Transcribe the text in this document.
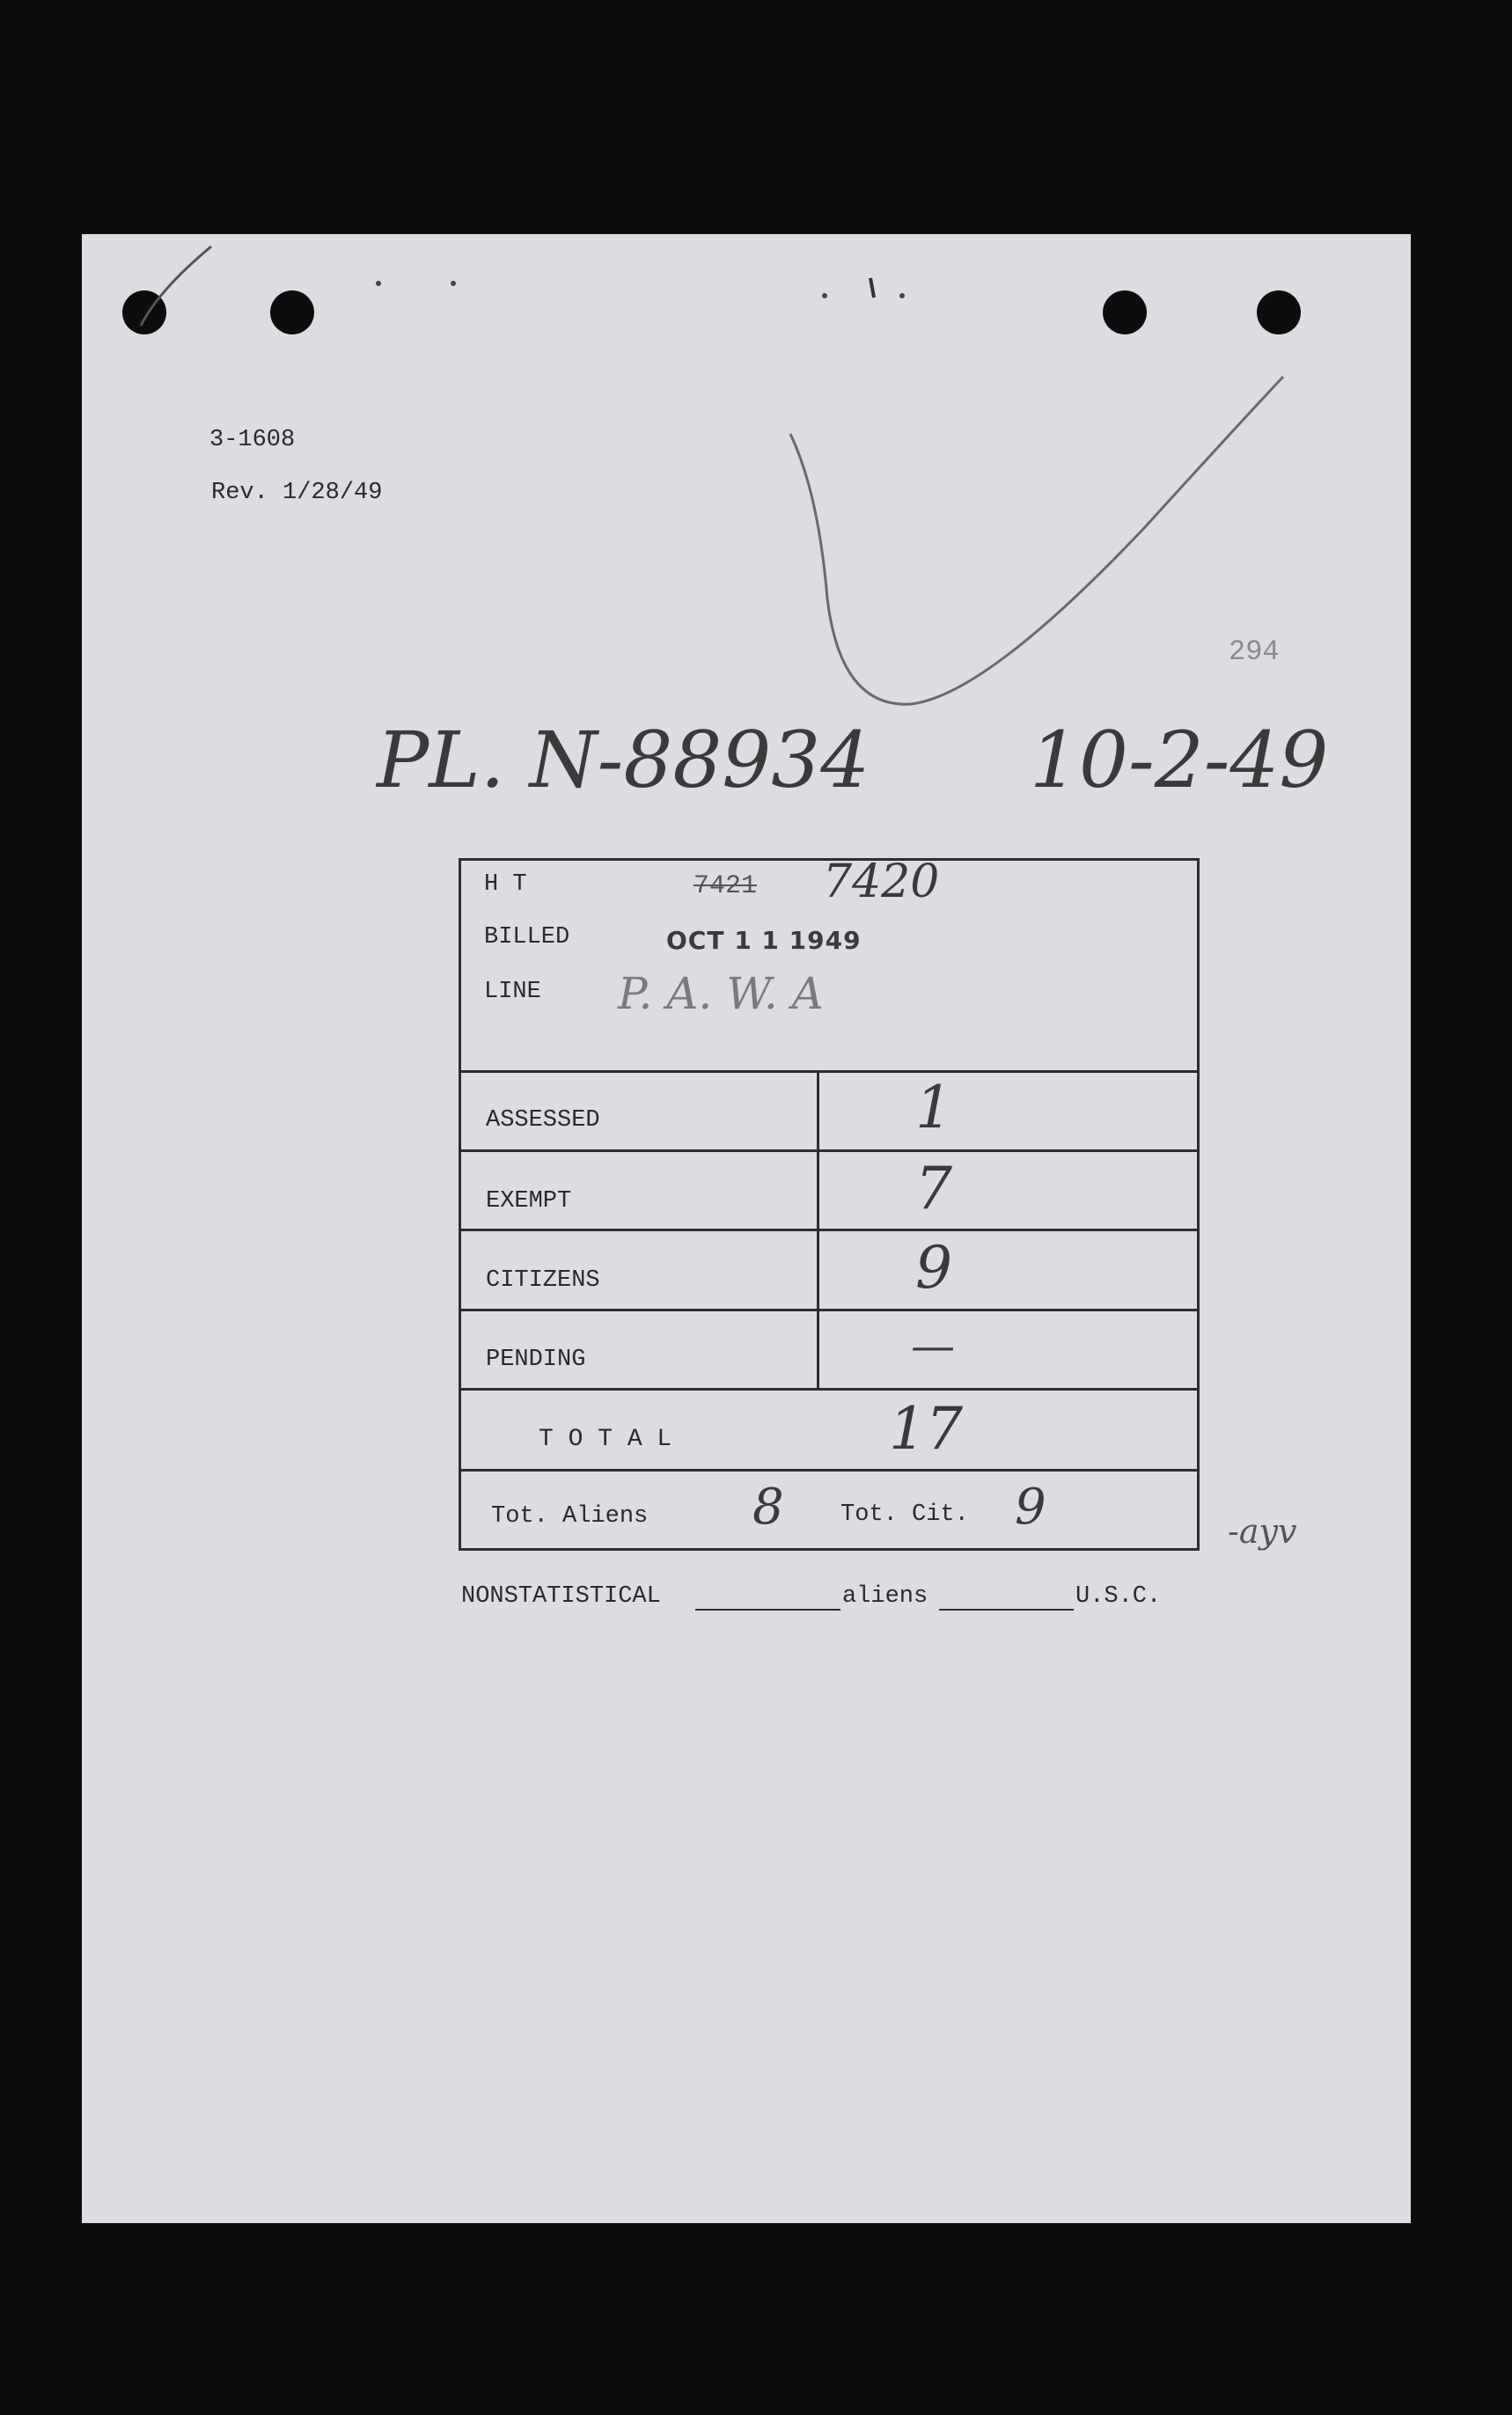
3-1608
Rev. 1/28/49
294
PL. N-88934 10-2-49
H T	7421 7420
BILLED	OCT 1 1 1949
LINE P. A. W. A
ASSESSED	1
EXEMPT	7
CITIZENS	9
PENDING	—
T O T A L	17
Tot. Aliens 8 Tot. Cit. 9	-ayv
NONSTATISTICAL	aliens	U.S.C.
